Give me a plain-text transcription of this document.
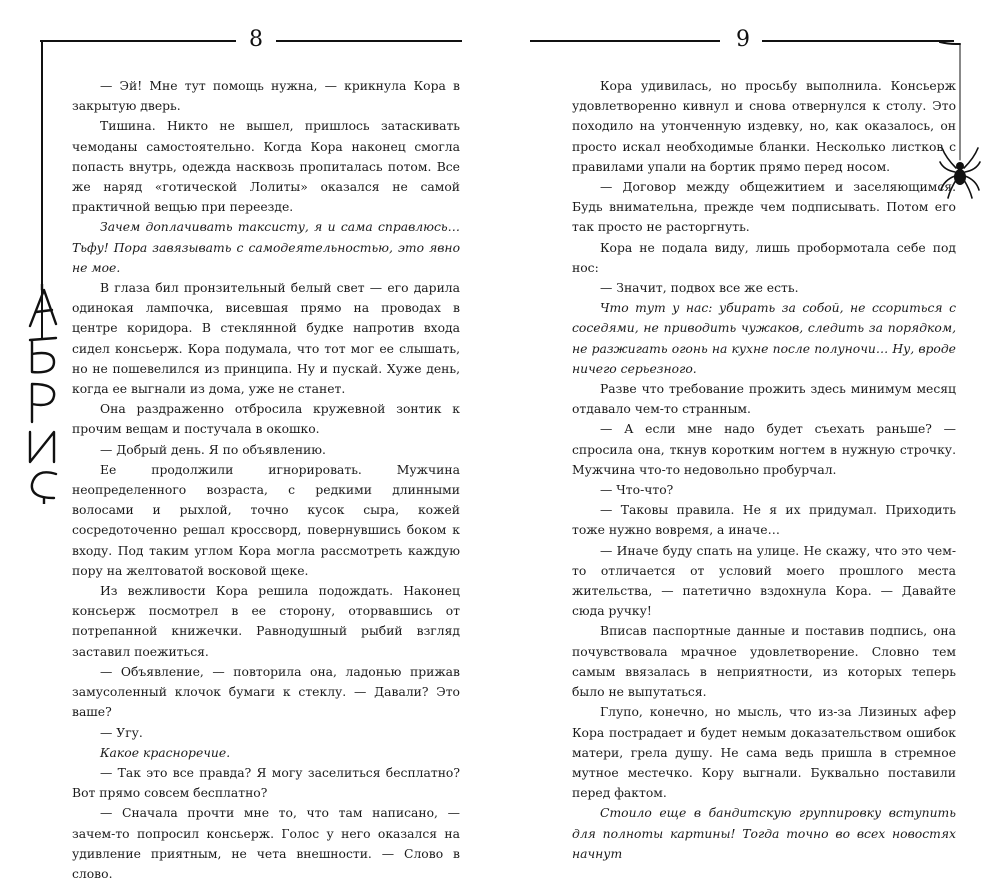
8

— Эй! Мне тут помощь нужна, — крикнула Кора в закрытую дверь.

Тишина. Никто не вышел, пришлось затаскивать чемоданы самостоятельно. Когда Кора наконец смогла попасть внутрь, одежда насквозь пропиталась потом. Все же наряд «готической Лолиты» оказался не самой практичной вещью при переезде.

Зачем доплачивать таксисту, я и сама справлюсь… Тьфу! Пора завязывать с самодеятельностью, это явно не мое.

В глаза бил пронзительный белый свет — его дарила одинокая лампочка, висевшая прямо на проводах в центре коридора. В стеклянной будке напротив входа сидел консьерж. Кора подумала, что тот мог ее слышать, но не пошевелился из принципа. Ну и пускай. Хуже день, когда ее выгнали из дома, уже не станет.

Она раздраженно отбросила кружевной зонтик к прочим вещам и постучала в окошко.

— Добрый день. Я по объявлению.

Ее продолжили игнорировать. Мужчина неопределенного возраста, с редкими длинными волосами и рыхлой, точно кусок сыра, кожей сосредоточенно решал кроссворд, повернувшись боком к входу. Под таким углом Кора могла рассмотреть каждую пору на желтоватой восковой щеке.

Из вежливости Кора решила подождать. Наконец консьерж посмотрел в ее сторону, оторвавшись от потрепанной книжечки. Равнодушный рыбий взгляд заставил поежиться.

— Объявление, — повторила она, ладонью прижав замусоленный клочок бумаги к стеклу. — Давали? Это ваше?

— Угу.

Какое красноречие.

— Так это все правда? Я могу заселиться бесплатно? Вот прямо совсем бесплатно?

— Сначала прочти мне то, что там написано, — зачем-то попросил консьерж. Голос у него оказался на удивление приятным, не чета внешности. — Слово в слово.

9

Кора удивилась, но просьбу выполнила. Консьерж удовлетворенно кивнул и снова отвернулся к столу. Это походило на утонченную издевку, но, как оказалось, он просто искал необходимые бланки. Несколько листков с правилами упали на бортик прямо перед носом.

— Договор между общежитием и заселяющимся. Будь внимательна, прежде чем подписывать. Потом его так просто не расторгнуть.

Кора не подала виду, лишь пробормотала себе под нос:

— Значит, подвох все же есть.

Что тут у нас: убирать за собой, не ссориться с соседями, не приводить чужаков, следить за порядком, не разжигать огонь на кухне после полуночи… Ну, вроде ничего серьезного.

Разве что требование прожить здесь минимум месяц отдавало чем-то странным.

— А если мне надо будет съехать раньше? — спросила она, ткнув коротким ногтем в нужную строчку. Мужчина что-то недовольно пробурчал.

— Что-что?

— Таковы правила. Не я их придумал. Приходить тоже нужно вовремя, а иначе…

— Иначе буду спать на улице. Не скажу, что это чем-то отличается от условий моего прошлого места жительства, — патетично вздохнула Кора. — Давайте сюда ручку!

Вписав паспортные данные и поставив подпись, она почувствовала мрачное удовлетворение. Словно тем самым ввязалась в неприятности, из которых теперь было не выпутаться.

Глупо, конечно, но мысль, что из-за Лизиных афер Кора пострадает и будет немым доказательством ошибок матери, грела душу. Не сама ведь пришла в стремное мутное местечко. Кору выгнали. Буквально поставили перед фактом.

Стоило еще в бандитскую группировку вступить для полноты картины! Тогда точно во всех новостях начнут
